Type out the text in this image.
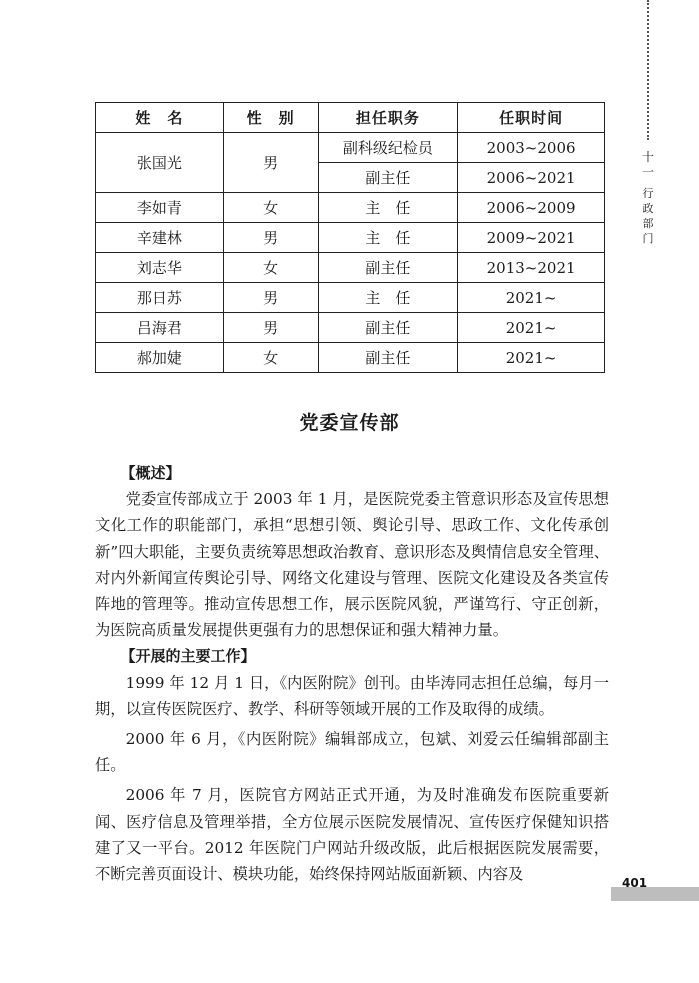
十一
行
政
部
门
姓　名	性　别	担任职务	任职时间
张国光	男	副科级纪检员	2003~2006
		副主任	2006~2021
李如青	女	主　任	2006~2009
辛建林	男	主　任	2009~2021
刘志华	女	副主任	2013~2021
那日苏	男	主　任	2021~
吕海君	男	副主任	2021~
郝加婕	女	副主任	2021~
党委宣传部

【概述】

党委宣传部成立于 2003 年 1 月，是医院党委主管意识形态及宣传思想文化工作的职能部门，承担“思想引领、舆论引导、思政工作、文化传承创新”四大职能，主要负责统筹思想政治教育、意识形态及舆情信息安全管理、对内外新闻宣传舆论引导、网络文化建设与管理、医院文化建设及各类宣传阵地的管理等。推动宣传思想工作，展示医院风貌，严谨笃行、守正创新，为医院高质量发展提供更强有力的思想保证和强大精神力量。

【开展的主要工作】

1999 年 12 月 1 日，《内医附院》创刊。由毕涛同志担任总编，每月一期，以宣传医院医疗、教学、科研等领域开展的工作及取得的成绩。

2000 年 6 月，《内医附院》编辑部成立，包斌、刘爱云任编辑部副主任。

2006 年 7 月，医院官方网站正式开通，为及时准确发布医院重要新闻、医疗信息及管理举措，全方位展示医院发展情况、宣传医疗保健知识搭建了又一平台。2012 年医院门户网站升级改版，此后根据医院发展需要，不断完善页面设计、模块功能，始终保持网站版面新颖、内容及	401
